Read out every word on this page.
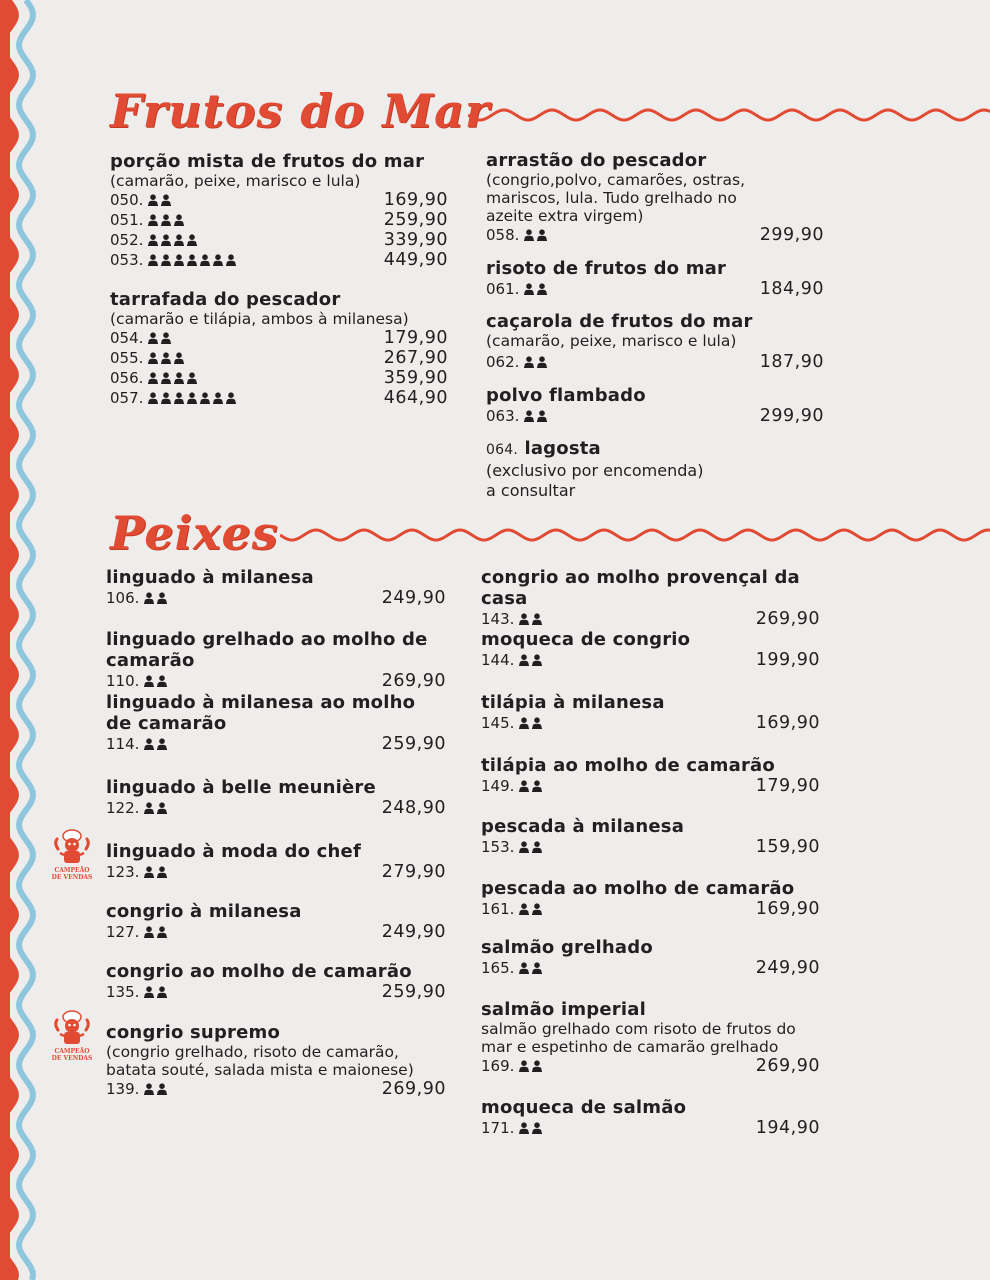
Frutos do Mar
porção mista de frutos do mar
(camarão, peixe, marisco e lula)
050.	169,90
051.	259,90
052.	339,90
053.	449,90
tarrafada do pescador
(camarão e tilápia, ambos à milanesa)
054.	179,90
055.	267,90
056.	359,90
057.	464,90
arrastão do pescador
(congrio,polvo, camarões, ostras,
mariscos, lula. Tudo grelhado no
azeite extra virgem)
058.	299,90
risoto de frutos do mar
061.	184,90
caçarola de frutos do mar
(camarão, peixe, marisco e lula)
062.	187,90
polvo flambado
063.	299,90
064. lagosta
(exclusivo por encomenda)
a consultar
Peixes
linguado à milanesa
106.	249,90
linguado grelhado ao molho de camarão
110.	269,90
linguado à milanesa ao molho
de camarão
114.	259,90
linguado à belle meunière
122.	248,90
linguado à moda do chef
123.	279,90
CAMPEÃO DE VENDAS
congrio à milanesa
127.	249,90
congrio ao molho de camarão
135.	259,90
congrio supremo
(congrio grelhado, risoto de camarão,
batata souté, salada mista e maionese)
139.	269,90
CAMPEÃO DE VENDAS
congrio ao molho provençal da casa
143.	269,90
moqueca de congrio
144.	199,90
tilápia à milanesa
145.	169,90
tilápia ao molho de camarão
149.	179,90
pescada à milanesa
153.	159,90
pescada ao molho de camarão
161.	169,90
salmão grelhado
165.	249,90
salmão imperial
salmão grelhado com risoto de frutos do
mar e espetinho de camarão grelhado
169.	269,90
moqueca de salmão
171.	194,90
